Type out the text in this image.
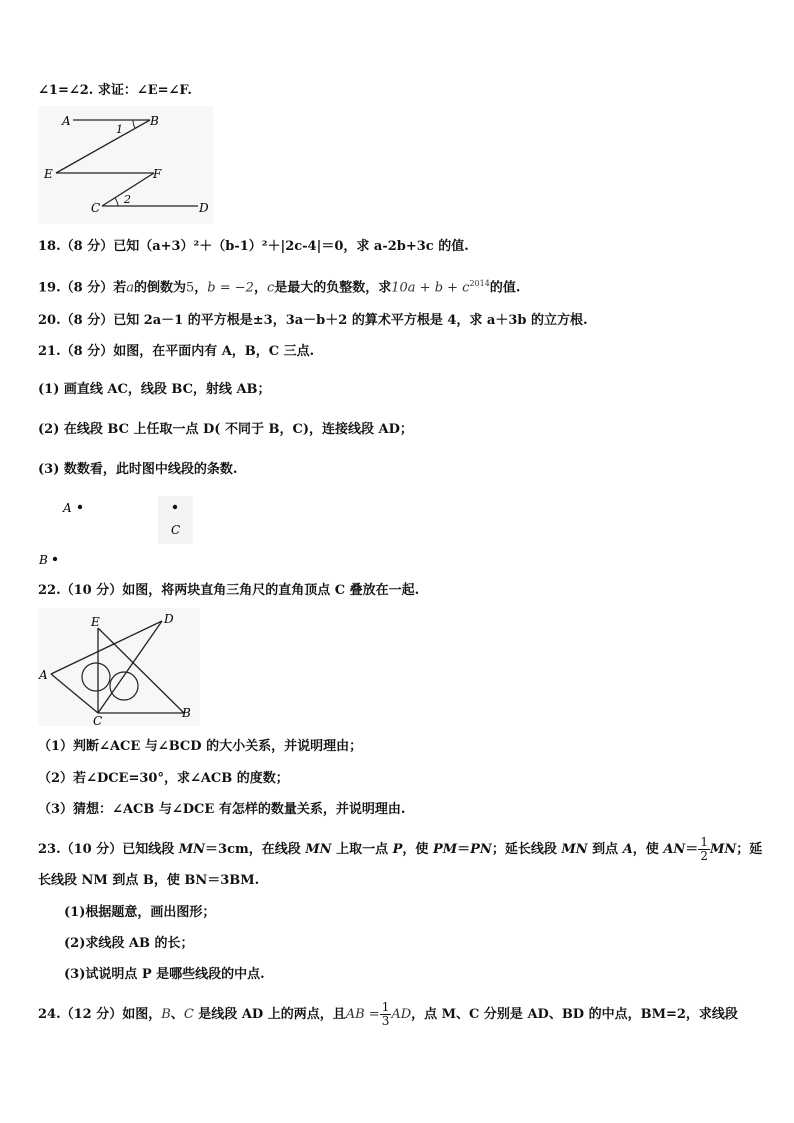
∠1=∠2. 求证：∠E=∠F.
A	B
1
E	F
C
2
D
18.（8 分）已知（a+3）²＋（b-1）²＋|2c-4|＝0，求 a-2b+3c 的值.
19.（8 分）若a的倒数为5，b = −2，c是最大的负整数，求$10a + b + c^{2014}$的值.
20.（8 分）已知 2a－1 的平方根是±3，3a－b＋2 的算术平方根是 4，求 a＋3b 的立方根.
21.（8 分）如图，在平面内有 A，B，C 三点.
(1) 画直线 AC，线段 BC，射线 AB；
(2) 在线段 BC 上任取一点 D( 不同于 B，C)，连接线段 AD；
(3) 数数看，此时图中线段的条数.
A
C
B
22.（10 分）如图，将两块直角三角尺的直角顶点 C 叠放在一起.
E	D
A
C
B
（1）判断∠ACE 与∠BCD 的大小关系，并说明理由；
（2）若∠DCE=30°，求∠ACB 的度数；
（3）猜想：∠ACB 与∠DCE 有怎样的数量关系，并说明理由.
23.（10 分）已知线段 MN＝3cm，在线段 MN 上取一点 P，使 PM＝PN；延长线段 MN 到点 A，使 $AN= \frac{1}{2}$ MN；延
长线段 NM 到点 B，使 BN＝3BM.
(1)根据题意，画出图形；
(2)求线段 AB 的长；
(3)试说明点 P 是哪些线段的中点.
24.（12 分）如图，B、C 是线段 AD 上的两点，且AB = $\frac{1}{3}$ AD，点 M、C 分别是 AD、BD 的中点，BM=2，求线段
